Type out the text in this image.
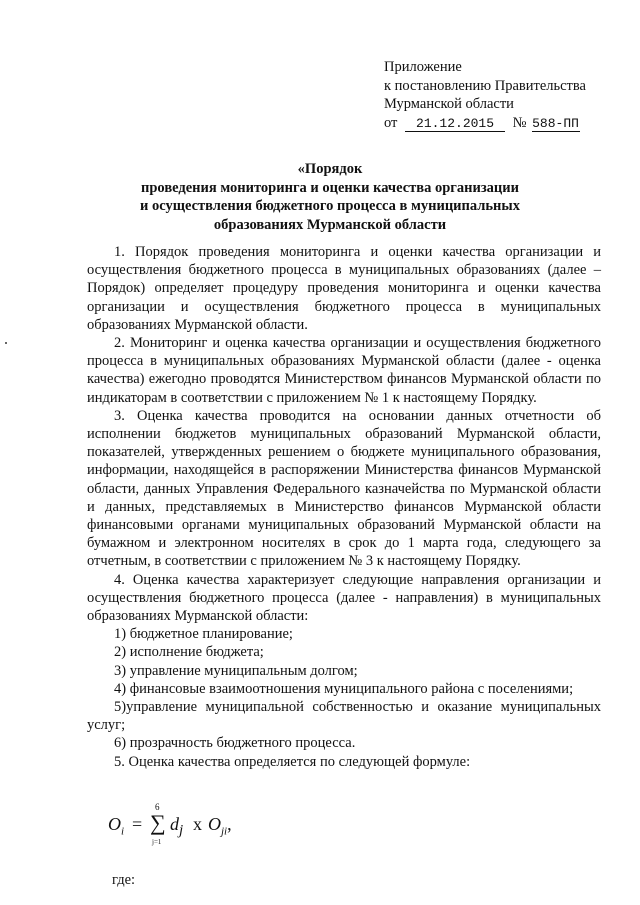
Приложение
к постановлению Правительства
Мурманской области
от 21.12.2015 № 588-ПП
«Порядок
проведения мониторинга и оценки качества организации
и осуществления бюджетного процесса в муниципальных
образованиях Мурманской области

1. Порядок проведения мониторинга и оценки качества организации и осуществления бюджетного процесса в муниципальных образованиях (далее – Порядок) определяет процедуру проведения мониторинга и оценки качества организации и осуществления бюджетного процесса в муниципальных образованиях Мурманской области.

2. Мониторинг и оценка качества организации и осуществления бюджетного процесса в муниципальных образованиях Мурманской области (далее - оценка качества) ежегодно проводятся Министерством финансов Мурманской области по индикаторам в соответствии с приложением № 1 к настоящему Порядку.

3. Оценка качества проводится на основании данных отчетности об исполнении бюджетов муниципальных образований Мурманской области, показателей, утвержденных решением о бюджете муниципального образования, информации, находящейся в распоряжении Министерства финансов Мурманской области, данных Управления Федерального казначейства по Мурманской области и данных, представляемых в Министерство финансов Мурманской области финансовыми органами муниципальных образований Мурманской области на бумажном и электронном носителях в срок до 1 марта года, следующего за отчетным, в соответствии с приложением № 3 к настоящему Порядку.

4. Оценка качества характеризует следующие направления организации и осуществления бюджетного процесса (далее - направления) в муниципальных образованиях Мурманской области:

1) бюджетное планирование;

2) исполнение бюджета;

3) управление муниципальным долгом;

4) финансовые взаимоотношения муниципального района с поселениями;

5)управление муниципальной собственностью и оказание муниципальных услуг;

6) прозрачность бюджетного процесса.

5. Оценка качества определяется по следующей формуле:

$O_i$ =
6
∑
j=1
$d_j$ x $O_{ji}$,
где:
